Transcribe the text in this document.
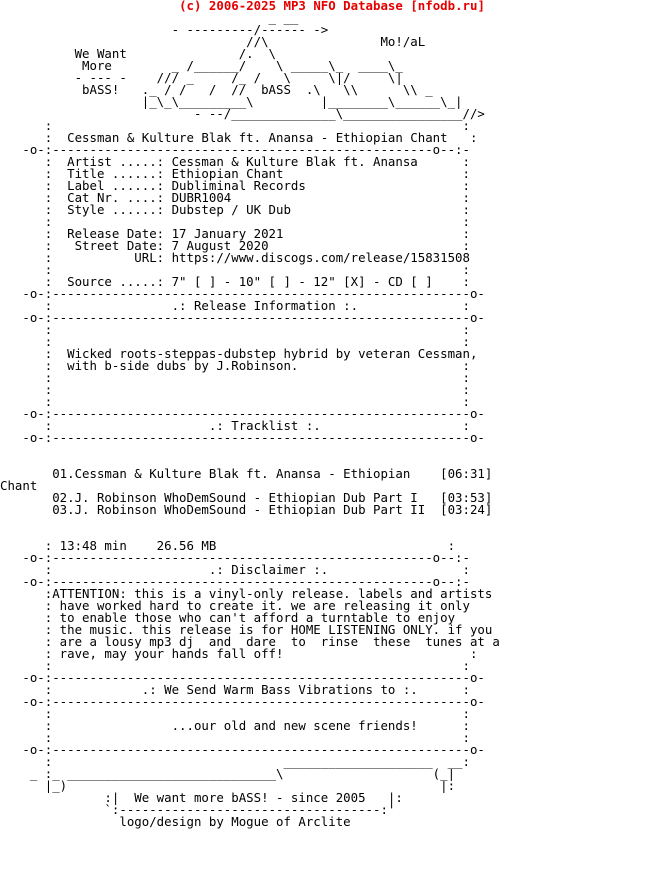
(c) 2006-2025 MP3 NFO Database [nfodb.ru]
_ __
- ---------/------ ->
//\               Mo!/aL
We Want               /.  \
More        _ /______/    \ _____\_  ____\_
- --- -    /// _     /_ /   \     \|/     \|
bASS!   ._ / /   /  //  bASS  .\   \\      \\ _
|_\_\_________\         |________\______\_|
- --/______________\________________//>
:                                                       :
:  Cessman & Kulture Blak ft. Anansa - Ethiopian Chant   :
-o-:---------------------------------------------------o--:-
:  Artist .....: Cessman & Kulture Blak ft. Anansa      :
:  Title ......: Ethiopian Chant                        :
:  Label ......: Dubliminal Records                     :
:  Cat Nr. ....: DUBR1004                               :
:  Style ......: Dubstep / UK Dub                       :
:                                                       :
:  Release Date: 17 January 2021                        :
:   Street Date: 7 August 2020                          :
:           URL: https://www.discogs.com/release/15831508
:                                                       :
:  Source .....: 7" [ ] - 10" [ ] - 12" [X] - CD [ ]    :
-o-:--------------------------------------------------------o-
:                .: Release Information :.              :
-o-:--------------------------------------------------------o-
:                                                       :
:                                                       :
:  Wicked roots-steppas-dubstep hybrid by veteran Cessman,
:  with b-side dubs by J.Robinson.                      :
:                                                       :
:                                                       :
:                                                       :
-o-:--------------------------------------------------------o-
:                     .: Tracklist :.                   :
-o-:--------------------------------------------------------o-

01.Cessman & Kulture Blak ft. Anansa - Ethiopian    [06:31]
Chant
02.J. Robinson WhoDemSound - Ethiopian Dub Part I   [03:53]
03.J. Robinson WhoDemSound - Ethiopian Dub Part II  [03:24]

: 13:48 min    26.56 MB                               :
-o-:---------------------------------------------------o--:-
:                     .: Disclaimer :.                  :
-o-:---------------------------------------------------o--:-
:ATTENTION: this is a vinyl-only release. labels and artists
: have worked hard to create it. we are releasing it only
: to enable those who can't afford a turntable to enjoy
: the music. this release is for HOME LISTENING ONLY. if you
: are a lousy mp3 dj  and  dare  to  rinse  these  tunes at a
: rave, may your hands fall off!                         :
:                                                       :
-o-:--------------------------------------------------------o-
:            .: We Send Warm Bass Vibrations to :.      :
-o-:--------------------------------------------------------o-
:                                                       :
:                ...our old and new scene friends!      :
:                                                       :
-o-:--------------------------------------------------------o-
:                               ____________________  __:
_ :_ ____________________________\                    (_|
|_)                                                  |:
:|  We want more bASS! - since 2005   |:
`:-----------------------------------:'
logo/design by Mogue of Arclite
